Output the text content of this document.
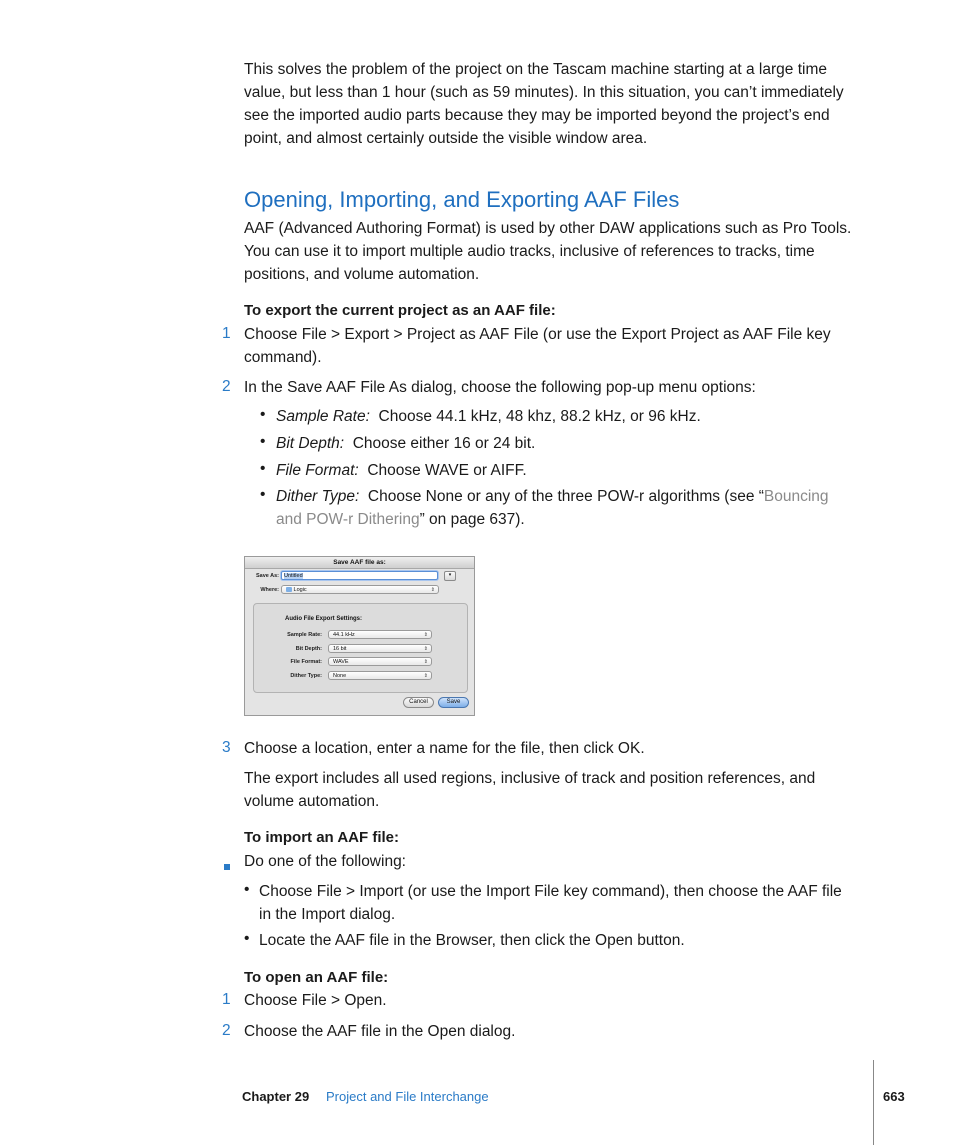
This solves the problem of the project on the Tascam machine starting at a large time
value, but less than 1 hour (such as 59 minutes). In this situation, you can’t immediately
see the imported audio parts because they may be imported beyond the project’s end
point, and almost certainly outside the visible window area.
Opening, Importing, and Exporting AAF Files
AAF (Advanced Authoring Format) is used by other DAW applications such as Pro Tools.
You can use it to import multiple audio tracks, inclusive of references to tracks, time
positions, and volume automation.
To export the current project as an AAF file:
1 Choose File > Export > Project as AAF File (or use the Export Project as AAF File key
command).
2 In the Save AAF File As dialog, choose the following pop-up menu options:
• Sample Rate: Choose 44.1 kHz, 48 khz, 88.2 kHz, or 96 kHz.
• Bit Depth: Choose either 16 or 24 bit.
• File Format: Choose WAVE or AIFF.
• Dither Type: Choose None or any of the three POW-r algorithms (see “Bouncing
and POW-r Dithering” on page 637).
Save AAF file as:
Save As: Untitled	▾
Where:	Logic	⇕
Audio File Export Settings:
Sample Rate:	44.1 kHz	⇕
Bit Depth:	16 bit	⇕
File Format:	WAVE	⇕
Dither Type:	None	⇕
Cancel	Save
3 Choose a location, enter a name for the file, then click OK.
The export includes all used regions, inclusive of track and position references, and
volume automation.
To import an AAF file:
Do one of the following:
• Choose File > Import (or use the Import File key command), then choose the AAF file
in the Import dialog.
• Locate the AAF file in the Browser, then click the Open button.
To open an AAF file:
1 Choose File > Open.
2 Choose the AAF file in the Open dialog.
Chapter 29 Project and File Interchange	663
